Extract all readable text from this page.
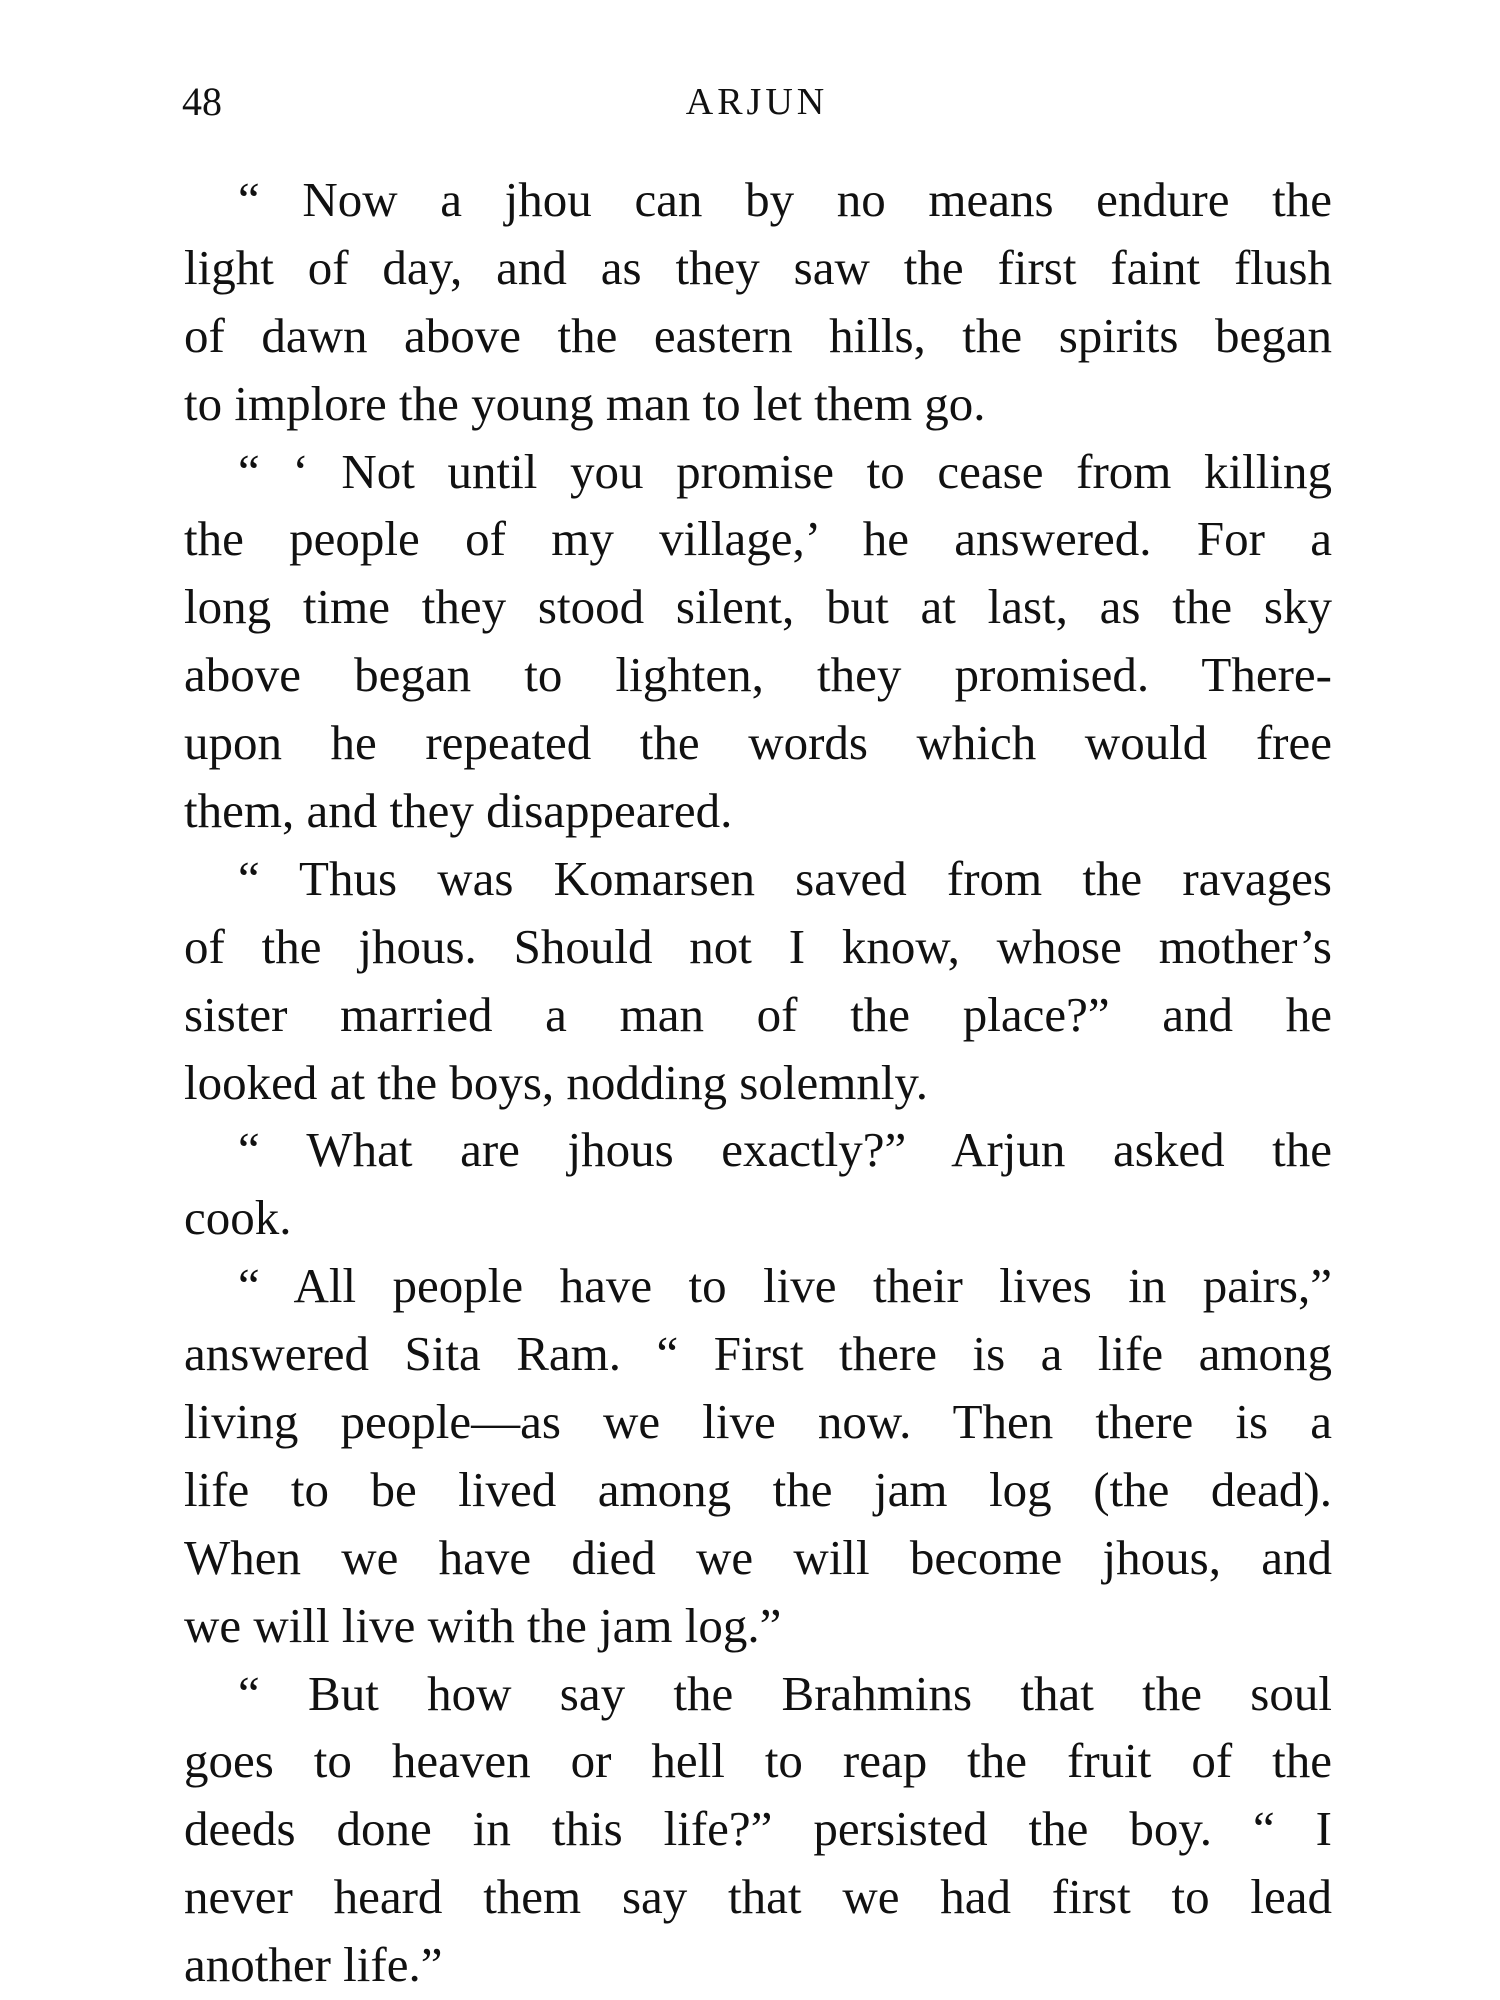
48	ARJUN
“ Now a jhou can by no means endure the
light of day, and as they saw the first faint flush
of dawn above the eastern hills, the spirits began
to implore the young man to let them go.
“ ‘ Not until you promise to cease from killing
the people of my village,’ he answered. For a
long time they stood silent, but at last, as the sky
above began to lighten, they promised. There-
upon he repeated the words which would free
them, and they disappeared.
“ Thus was Komarsen saved from the ravages
of the jhous. Should not I know, whose mother’s
sister married a man of the place?” and he
looked at the boys, nodding solemnly.
“ What are jhous exactly?” Arjun asked the
cook.
“ All people have to live their lives in pairs,”
answered Sita Ram. “ First there is a life among
living people—as we live now. Then there is a
life to be lived among the jam log (the dead).
When we have died we will become jhous, and
we will live with the jam log.”
“ But how say the Brahmins that the soul
goes to heaven or hell to reap the fruit of the
deeds done in this life?” persisted the boy. “ I
never heard them say that we had first to lead
another life.”
